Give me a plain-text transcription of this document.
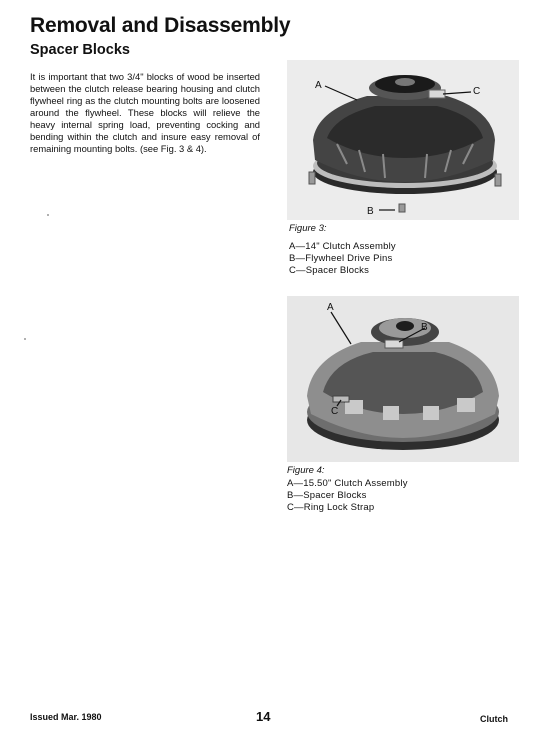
Removal and Disassembly
Spacer Blocks
It is important that two 3/4" blocks of wood be inserted between the clutch release bearing housing and clutch flywheel ring as the clutch mounting bolts are loosened around the flywheel. These blocks will relieve the heavy internal spring load, preventing cocking and bending within the clutch and insure easy removal of remaining mounting bolts. (see Fig. 3 & 4).
A
C
B
Figure 3:
A—14" Clutch Assembly
B—Flywheel Drive Pins
C—Spacer Blocks
A
B
C
Figure 4:
A—15.50" Clutch Assembly
B—Spacer Blocks
C—Ring Lock Strap
Issued Mar. 1980	14	Clutch
